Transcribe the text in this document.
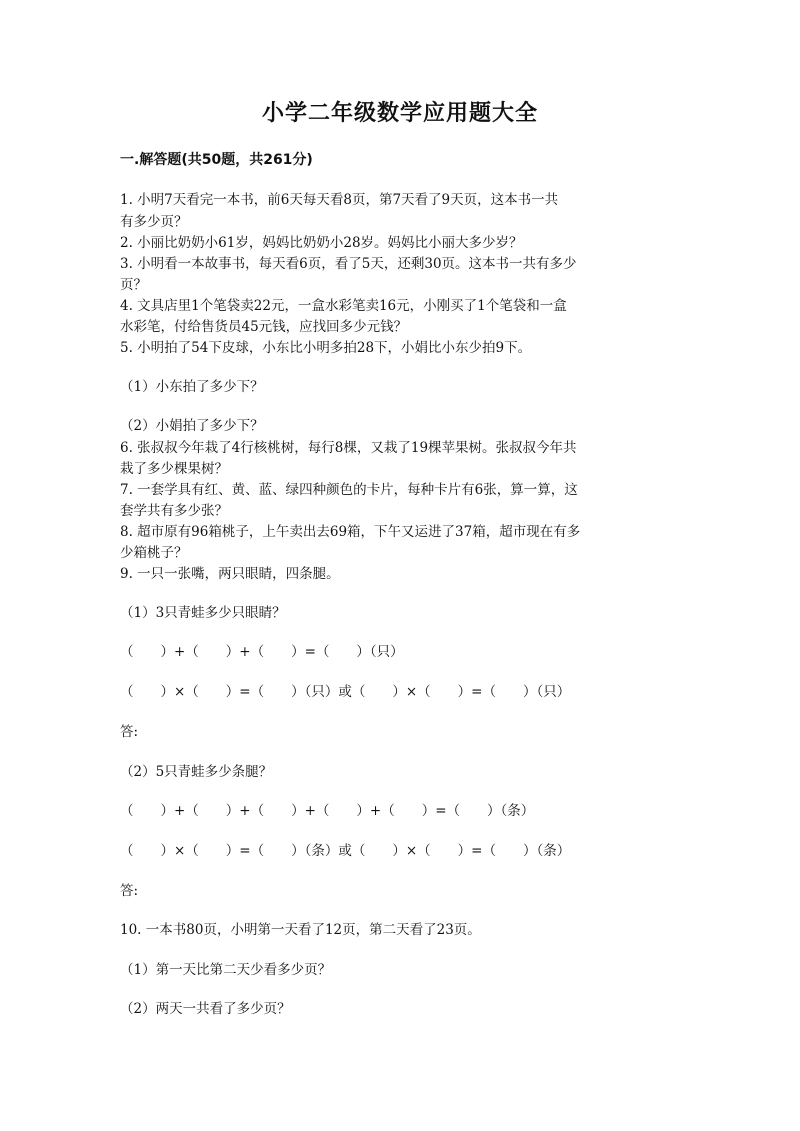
小学二年级数学应用题大全
一.解答题(共50题，共261分)
1. 小明7天看完一本书，前6天每天看8页，第7天看了9天页，这本书一共
有多少页？
2. 小丽比奶奶小61岁，妈妈比奶奶小28岁。妈妈比小丽大多少岁？
3. 小明看一本故事书，每天看6页，看了5天，还剩30页。这本书一共有多少
页？
4. 文具店里1个笔袋卖22元，一盒水彩笔卖16元，小刚买了1个笔袋和一盒
水彩笔，付给售货员45元钱，应找回多少元钱？
5. 小明拍了54下皮球，小东比小明多拍28下，小娟比小东少拍9下。
（1）小东拍了多少下？
（2）小娟拍了多少下？
6. 张叔叔今年栽了4行核桃树，每行8棵，又栽了19棵苹果树。张叔叔今年共
栽了多少棵果树？
7. 一套学具有红、黄、蓝、绿四种颜色的卡片，每种卡片有6张，算一算，这
套学共有多少张？
8. 超市原有96箱桃子，上午卖出去69箱，下午又运进了37箱，超市现在有多
少箱桃子？
9. 一只一张嘴，两只眼睛，四条腿。
（1）3只青蛙多少只眼睛？
（　　）+（　　）+（　　）=（　　）（只）
（　　）×（　　）=（　　）（只）或（　　）×（　　）=（　　）（只）
答:
（2）5只青蛙多少条腿？
（　　）+（　　）+（　　）+（　　）+（　　）=（　　）（条）
（　　）×（　　）=（　　）（条）或（　　）×（　　）=（　　）（条）
答:
10. 一本书80页，小明第一天看了12页，第二天看了23页。
（1）第一天比第二天少看多少页？
（2）两天一共看了多少页？
